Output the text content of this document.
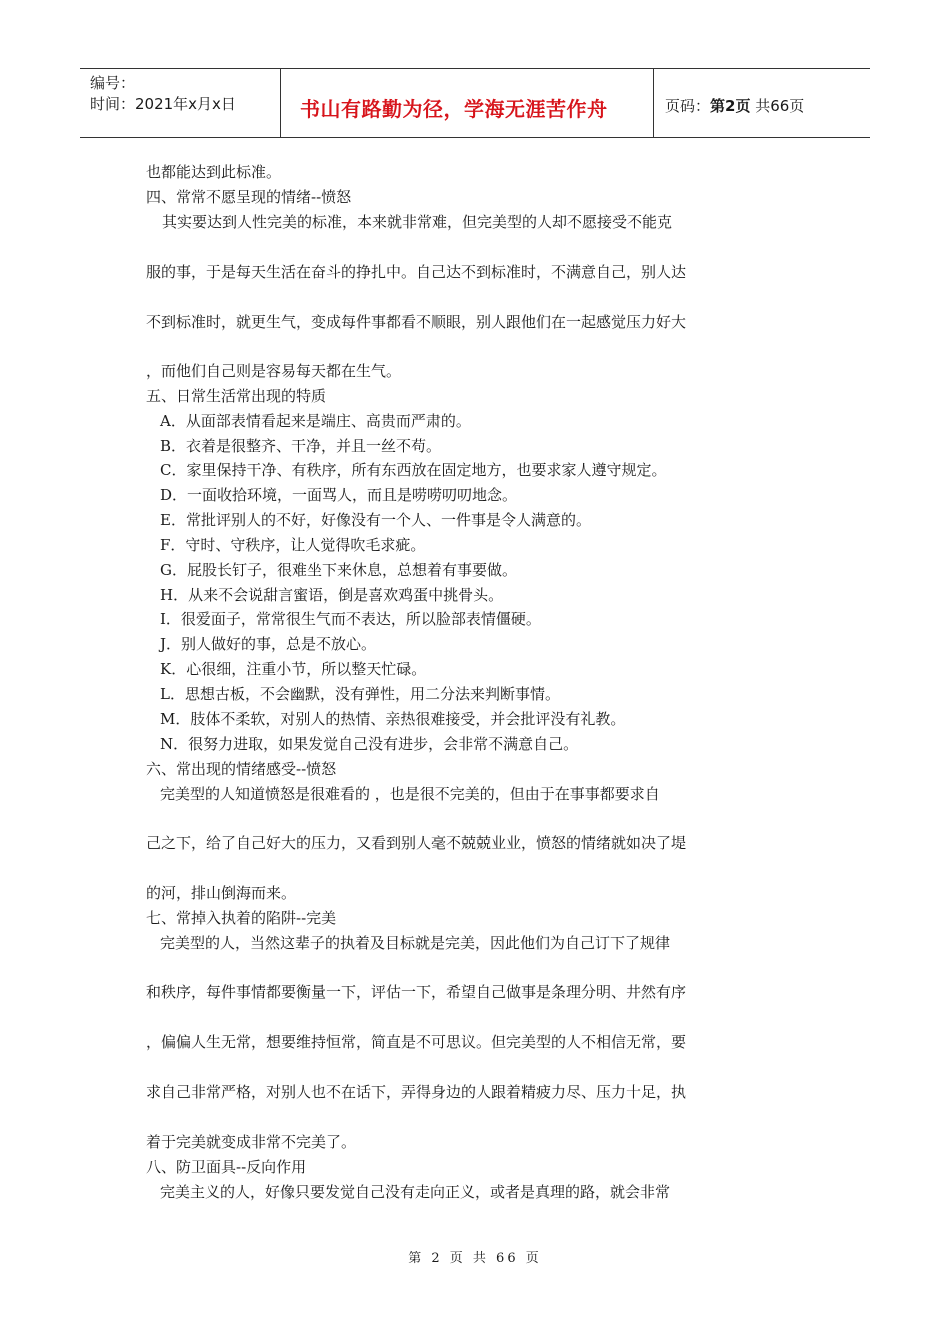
编号：
时间：2021年x月x日	书山有路勤为径，学海无涯苦作舟	页码：第2页 共66页
也都能达到此标准。
四、常常不愿呈现的情绪--愤怒
其实要达到人性完美的标准，本来就非常难，但完美型的人却不愿接受不能克
服的事，于是每天生活在奋斗的挣扎中。自己达不到标准时，不满意自己，别人达
不到标准时，就更生气，变成每件事都看不顺眼，别人跟他们在一起感觉压力好大
，而他们自己则是容易每天都在生气。
五、日常生活常出现的特质
A．从面部表情看起来是端庄、高贵而严肃的。
B．衣着是很整齐、干净，并且一丝不苟。
C．家里保持干净、有秩序，所有东西放在固定地方，也要求家人遵守规定。
D．一面收拾环境，一面骂人，而且是唠唠叨叨地念。
E．常批评别人的不好，好像没有一个人、一件事是令人满意的。
F．守时、守秩序，让人觉得吹毛求疵。
G．屁股长钉子，很难坐下来休息，总想着有事要做。
H．从来不会说甜言蜜语，倒是喜欢鸡蛋中挑骨头。
I．很爱面子，常常很生气而不表达，所以脸部表情僵硬。
J．别人做好的事，总是不放心。
K．心很细，注重小节，所以整天忙碌。
L．思想古板，不会幽默，没有弹性，用二分法来判断事情。
M．肢体不柔软，对别人的热情、亲热很难接受，并会批评没有礼教。
N．很努力进取，如果发觉自己没有进步，会非常不满意自己。
六、常出现的情绪感受--愤怒
完美型的人知道愤怒是很难看的 ，也是很不完美的，但由于在事事都要求自
己之下，给了自己好大的压力，又看到别人毫不兢兢业业，愤怒的情绪就如决了堤
的河，排山倒海而来。
七、常掉入执着的陷阱--完美
完美型的人，当然这辈子的执着及目标就是完美，因此他们为自己订下了规律
和秩序，每件事情都要衡量一下，评估一下，希望自己做事是条理分明、井然有序
，偏偏人生无常，想要维持恒常，简直是不可思议。但完美型的人不相信无常，要
求自己非常严格，对别人也不在话下，弄得身边的人跟着精疲力尽、压力十足，执
着于完美就变成非常不完美了。
八、防卫面具--反向作用
完美主义的人，好像只要发觉自己没有走向正义，或者是真理的路，就会非常
第 2 页 共 66 页
